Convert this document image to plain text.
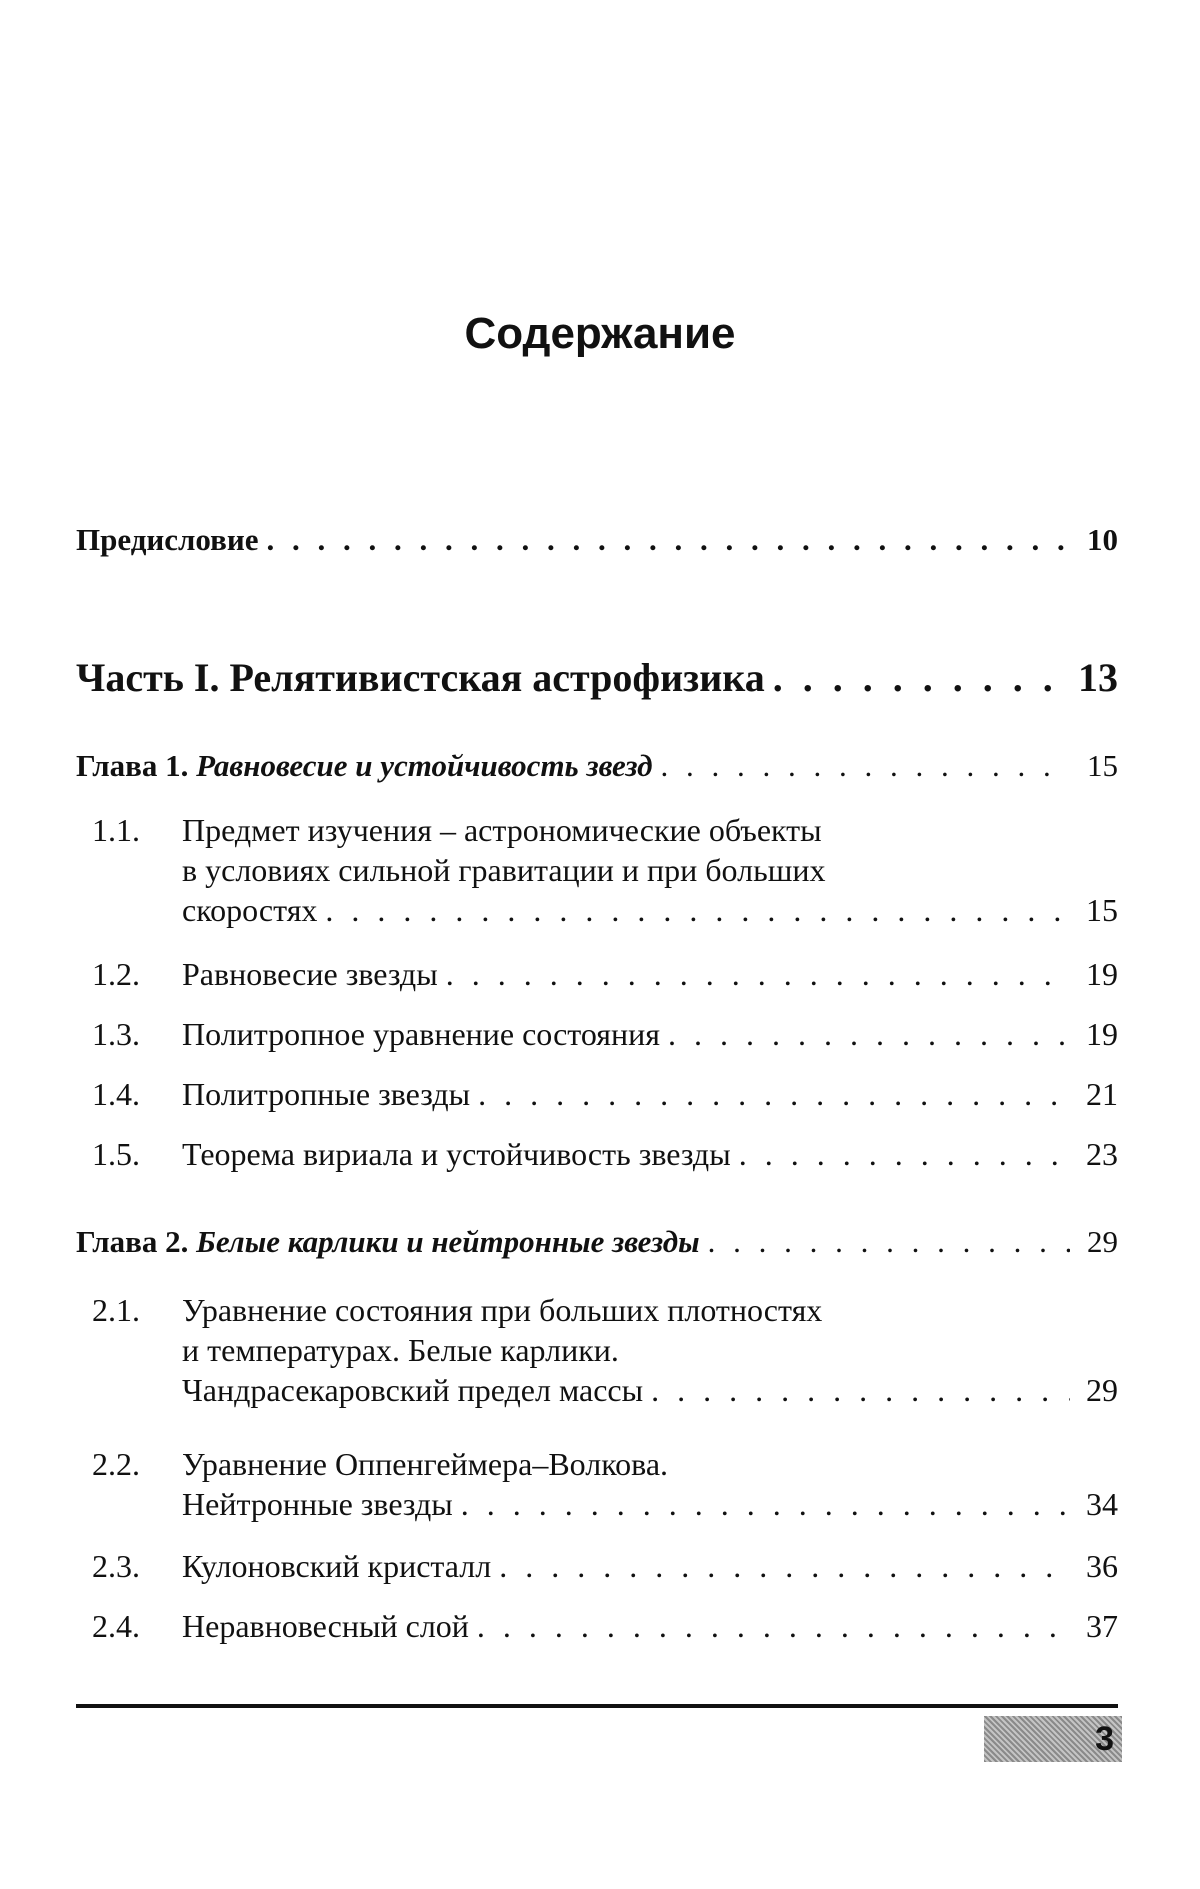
Содержание
Предисловие . . .	10
Часть I. Релятивистская астрофизика . . .	13
Глава 1. Равновесие и устойчивость звезд . . .	15
1.1.	Предмет изучения – астрономические объекты
в условиях сильной гравитации и при больших
скоростях . . .	15
1.2.	Равновесие звезды . . .	19
1.3.	Политропное уравнение состояния . . .	19
1.4.	Политропные звезды . . .	21
1.5.	Теорема вириала и устойчивость звезды . . .	23
Глава 2. Белые карлики и нейтронные звезды . . .	29
2.1.	Уравнение состояния при больших плотностях
и температурах. Белые карлики.
Чандрасекаровский предел массы . . .	29
2.2.	Уравнение Оппенгеймера–Волкова.
Нейтронные звезды . . .	34
2.3.	Кулоновский кристалл . . .	36
2.4.	Неравновесный слой . . .	37
3
